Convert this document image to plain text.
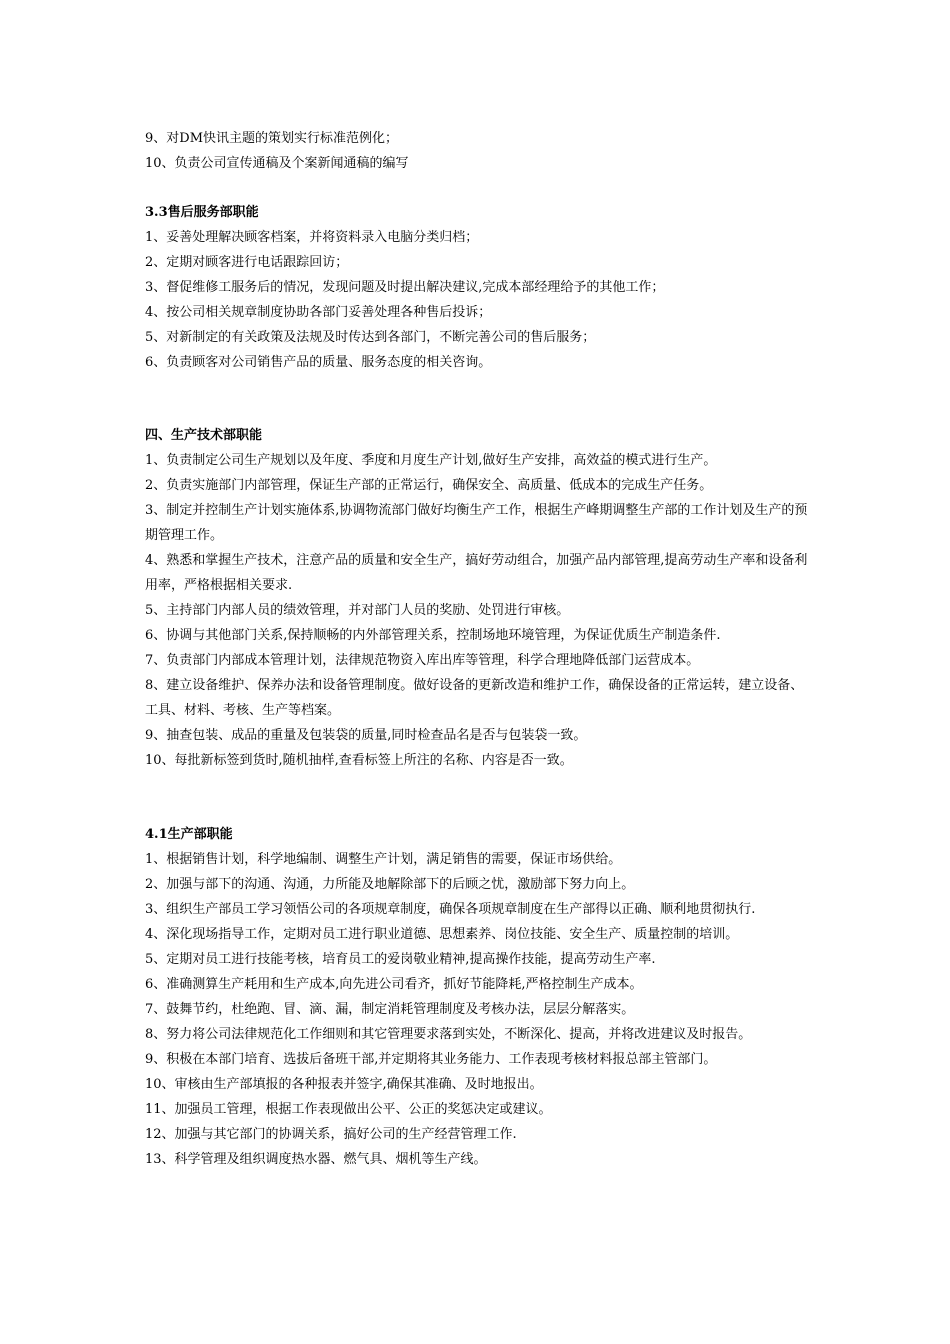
9、对DM快讯主题的策划实行标准范例化；
10、负责公司宣传通稿及个案新闻通稿的编写
3.3售后服务部职能
1、妥善处理解决顾客档案，并将资料录入电脑分类归档；
2、定期对顾客进行电话跟踪回访；
3、督促维修工服务后的情况，发现问题及时提出解决建议,完成本部经理给予的其他工作；
4、按公司相关规章制度协助各部门妥善处理各种售后投诉；
5、对新制定的有关政策及法规及时传达到各部门，不断完善公司的售后服务；
6、负责顾客对公司销售产品的质量、服务态度的相关咨询。
四、生产技术部职能
1、负责制定公司生产规划以及年度、季度和月度生产计划,做好生产安排，高效益的模式进行生产。
2、负责实施部门内部管理，保证生产部的正常运行，确保安全、高质量、低成本的完成生产任务。
3、制定并控制生产计划实施体系,协调物流部门做好均衡生产工作，根据生产峰期调整生产部的工作计划及生产的预期管理工作。
4、熟悉和掌握生产技术，注意产品的质量和安全生产，搞好劳动组合，加强产品内部管理,提高劳动生产率和设备利用率，严格根据相关要求.
5、主持部门内部人员的绩效管理，并对部门人员的奖励、处罚进行审核。
6、协调与其他部门关系,保持顺畅的内外部管理关系，控制场地环境管理，为保证优质生产制造条件.
7、负责部门内部成本管理计划，法律规范物资入库出库等管理，科学合理地降低部门运营成本。
8、建立设备维护、保养办法和设备管理制度。做好设备的更新改造和维护工作，确保设备的正常运转，建立设备、工具、材料、考核、生产等档案。
9、抽查包装、成品的重量及包装袋的质量,同时检查品名是否与包装袋一致。
10、每批新标签到货时,随机抽样,查看标签上所注的名称、内容是否一致。
4.1生产部职能
1、根据销售计划，科学地编制、调整生产计划，满足销售的需要，保证市场供给。
2、加强与部下的沟通、沟通，力所能及地解除部下的后顾之忧，激励部下努力向上。
3、组织生产部员工学习领悟公司的各项规章制度，确保各项规章制度在生产部得以正确、顺利地贯彻执行.
4、深化现场指导工作，定期对员工进行职业道德、思想素养、岗位技能、安全生产、质量控制的培训。
5、定期对员工进行技能考核，培育员工的爱岗敬业精神,提高操作技能，提高劳动生产率.
6、准确测算生产耗用和生产成本,向先进公司看齐，抓好节能降耗,严格控制生产成本。
7、鼓舞节约，杜绝跑、冒、滴、漏，制定消耗管理制度及考核办法，层层分解落实。
8、努力将公司法律规范化工作细则和其它管理要求落到实处，不断深化、提高，并将改进建议及时报告。
9、积极在本部门培育、选拔后备班干部,并定期将其业务能力、工作表现考核材料报总部主管部门。
10、审核由生产部填报的各种报表并签字,确保其准确、及时地报出。
11、加强员工管理，根据工作表现做出公平、公正的奖惩决定或建议。
12、加强与其它部门的协调关系，搞好公司的生产经营管理工作.
13、科学管理及组织调度热水器、燃气具、烟机等生产线。
